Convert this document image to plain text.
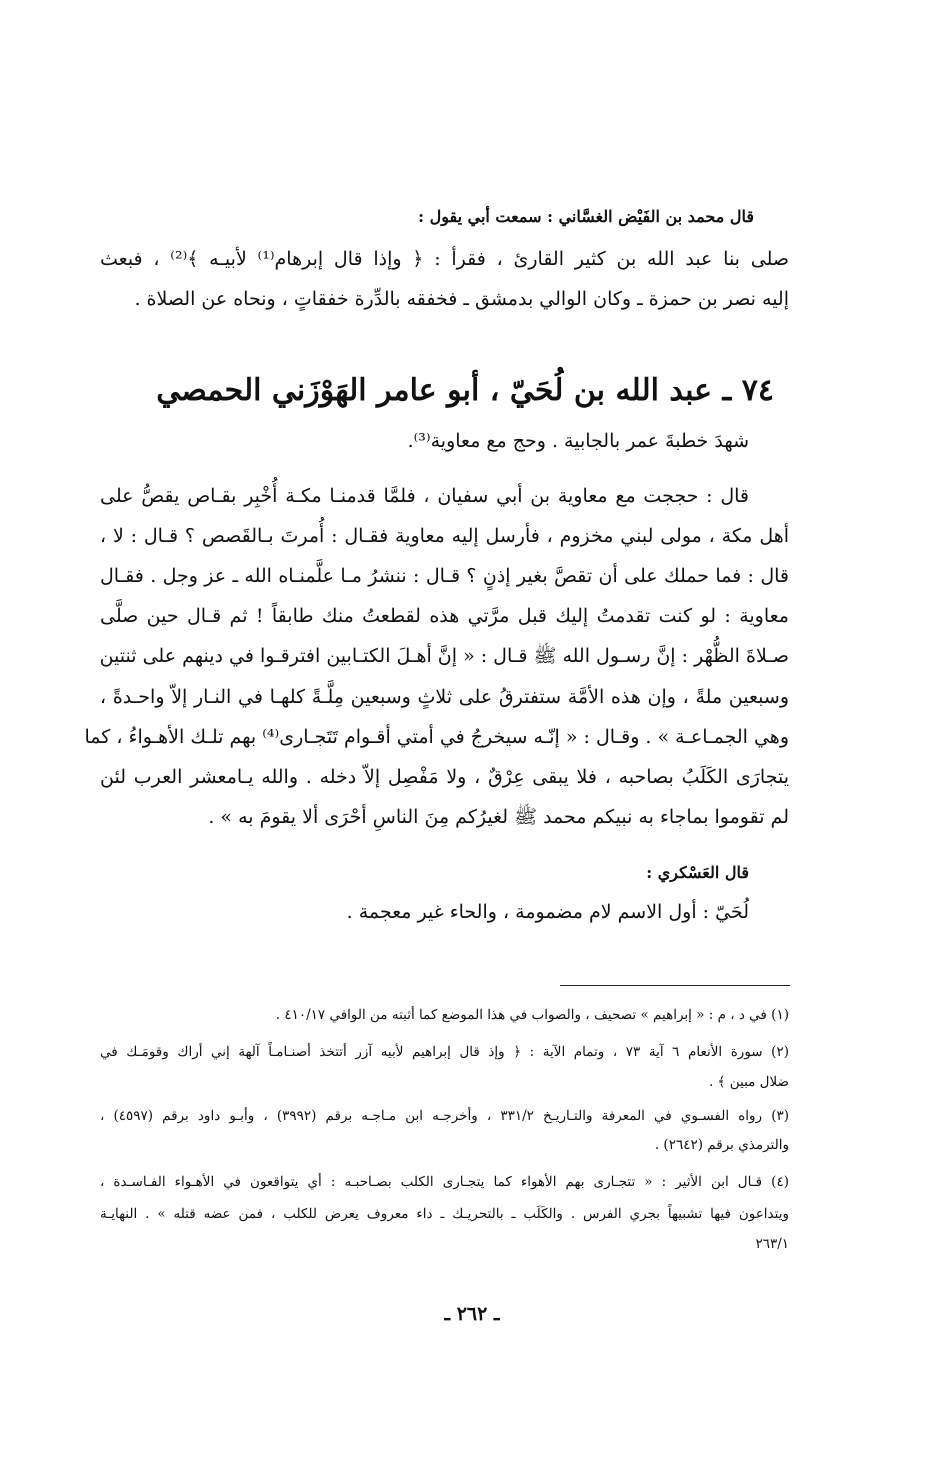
قال محمد بن الفَيْض الغسَّاني : سمعت أبي يقول :
صلى بنا عبد الله بن كثير القارئ ، فقرأ : ﴿ وإذا قال إبرهام⁽¹⁾ لأبيـه ﴾⁽²⁾ ، فبعث
إليه نصر بن حمزة ـ وكان الوالي بدمشق ـ فخفقه بالدِّرة خفقاتٍ ، ونحاه عن الصلاة .
٧٤ ـ عبد الله بن لُحَيّ ، أبو عامر الهَوْزَني الحمصي
شهدَ خطبةَ عمر بالجابية . وحج مع معاوية⁽³⁾.
قال : حججت مع معاوية بن أبي سفيان ، فلمَّا قدمنـا مكـة أُخْبِر بقـاص يقصُّ على
أهل مكة ، مولى لبني مخزوم ، فأرسل إليه معاوية فقـال : أُمرتَ بـالقَصص ؟ قـال : لا ،
قال : فما حملك على أن تقصَّ بغير إذنٍ ؟ قـال : ننشرُ مـا علَّمنـاه الله ـ عز وجل . فقـال
معاوية : لو كنت تقدمتُ إليك قبل مرَّتي هذه لقطعتُ منك طابقاً ! ثم قـال حين صلَّى
صـلاةَ الظُّهْر : إنَّ رسـول الله ﷺ قـال : « إنَّ أهـلَ الكتـابين افترقـوا في دينهم على ثنتين
وسبعين ملةً ، وإن هذه الأمَّة ستفترقُ على ثلاثٍ وسبعين مِلَّـةً كلهـا في النـار إلاّ واحـدةً ،
وهي الجمـاعـة » . وقـال : « إنّـه سيخرجُ في أمتي أقـوام تَتَجـارى⁽⁴⁾ بهم تلـك الأهـواءُ ، كما
يتجارَى الكَلَبُ بصاحبه ، فلا يبقى عِرْقٌ ، ولا مَفْصِل إلاّ دخله . والله يـامعشر العرب لئن
لم تقوموا بماجاء به نبيكم محمد ﷺ لغيرُكم مِنَ الناسِ أحْرَى ألا يقومَ به » .
قال العَسْكري :
لُحَيّ : أول الاسم لام مضمومة ، والحاء غير معجمة .
(١) في د ، م : « إبراهيم » تصحيف ، والصواب في هذا الموضع كما أثبته من الوافي ٤١٠/١٧ .
(٢) سورة الأنعام ٦ آية ٧٣ ، وتمام الآية : ﴿ وإذ قال إبراهيم لأبيه آزر أتتخذ أصنـامـاً آلهة إني أراك وقومَـك في
ضلال مبين ﴾ .
(٣) رواه الفسـوي في المعرفة والتـاريـخ ٣٣١/٢ ، وأخرجـه ابن مـاجـه برقم (٣٩٩٢) ، وأبـو داود برقم (٤٥٩٧) ،
والترمذي برقم (٢٦٤٢) .
(٤) قـال ابن الأثير : « تتجـارى بهم الأهواء كما يتجـارى الكلب بصـاحبـه : أي يتواقعون في الأهـواء الفـاسـدة ،
ويتداعون فيها تشبيهاً بجري الفرس . والكَلَب ـ بالتحريـك ـ داء معروف يعرض للكلب ، فمن عضه قتله » . النهايـة
٢٦٣/١
ـ ٢٦٢ ـ
